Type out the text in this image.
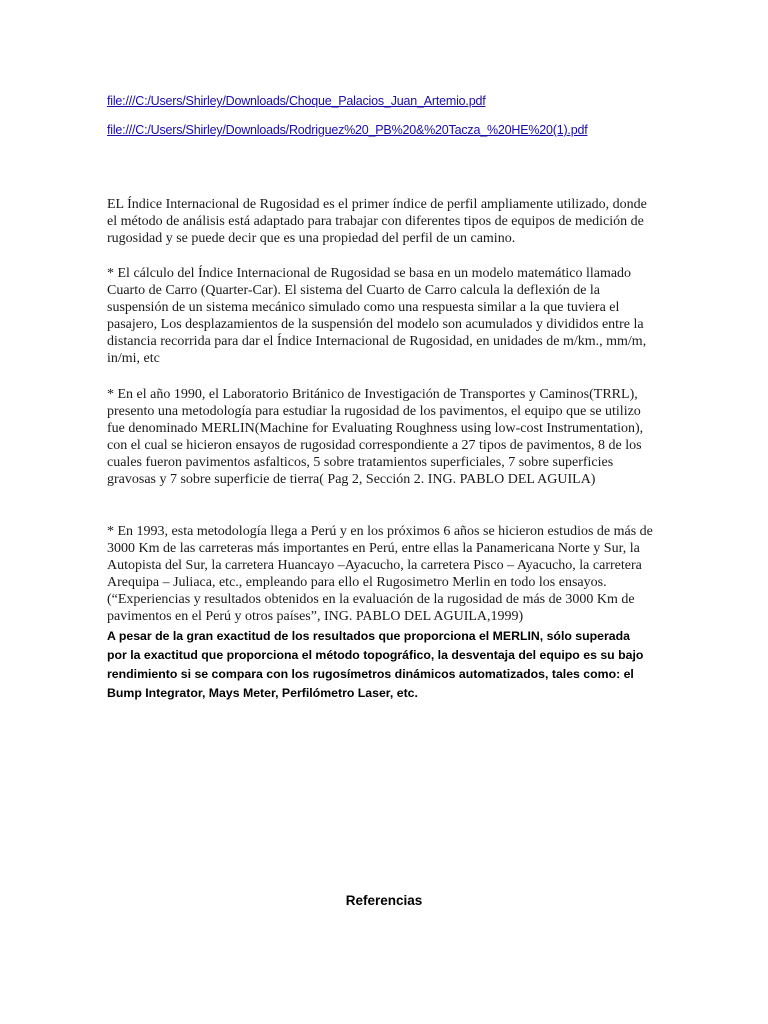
file:///C:/Users/Shirley/Downloads/Choque_Palacios_Juan_Artemio.pdf
file:///C:/Users/Shirley/Downloads/Rodriguez%20_PB%20&%20Tacza_%20HE%20(1).pdf

EL Índice Internacional de Rugosidad es el primer índice de perfil ampliamente utilizado, donde el método de análisis está adaptado para trabajar con diferentes tipos de equipos de medición de rugosidad y se puede decir que es una propiedad del perfil de un camino.

* El cálculo del Índice Internacional de Rugosidad se basa en un modelo matemático llamado Cuarto de Carro (Quarter-Car). El sistema del Cuarto de Carro calcula la deflexión de la suspensión de un sistema mecánico simulado como una respuesta similar a la que tuviera el pasajero, Los desplazamientos de la suspensión del modelo son acumulados y divididos entre la distancia recorrida para dar el Índice Internacional de Rugosidad, en unidades de m/km., mm/m, in/mi, etc

* En el año 1990, el Laboratorio Británico de Investigación de Transportes y Caminos(TRRL), presento una metodología para estudiar la rugosidad de los pavimentos, el equipo que se utilizo fue denominado MERLIN(Machine for Evaluating Roughness using low-cost Instrumentation), con el cual se hicieron ensayos de rugosidad correspondiente a 27 tipos de pavimentos, 8 de los cuales fueron pavimentos asfalticos, 5 sobre tratamientos superficiales, 7 sobre superficies gravosas y 7 sobre superficie de tierra( Pag 2, Sección 2. ING. PABLO DEL AGUILA)

* En 1993, esta metodología llega a Perú y en los próximos 6 años se hicieron estudios de más de 3000 Km de las carreteras más importantes en Perú, entre ellas la Panamericana Norte y Sur, la Autopista del Sur, la carretera Huancayo –Ayacucho, la carretera Pisco – Ayacucho, la carretera Arequipa – Juliaca, etc., empleando para ello el Rugosimetro Merlin en todo los ensayos. (“Experiencias y resultados obtenidos en la evaluación de la rugosidad de más de 3000 Km de pavimentos en el Perú y otros países”, ING. PABLO DEL AGUILA,1999)

A pesar de la gran exactitud de los resultados que proporciona el MERLIN, sólo superada por la exactitud que proporciona el método topográfico, la desventaja del equipo es su bajo rendimiento si se compara con los rugosímetros dinámicos automatizados, tales como: el Bump Integrator, Mays Meter, Perfilómetro Laser, etc.

Referencias
